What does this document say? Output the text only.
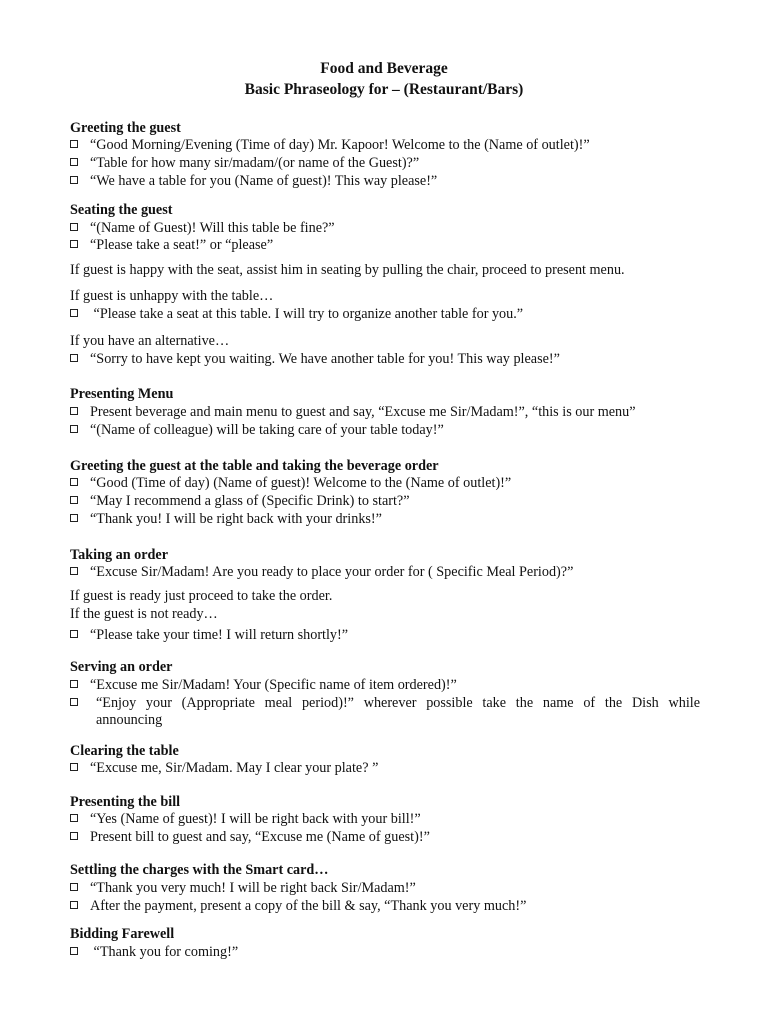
Food and Beverage
Basic Phraseology for – (Restaurant/Bars)
Greeting the guest
“Good Morning/Evening (Time of day) Mr. Kapoor! Welcome to the (Name of outlet)!”
“Table for how many sir/madam/(or name of the Guest)?”
“We have a table for you (Name of guest)! This way please!”
Seating the guest
“(Name of Guest)! Will this table be fine?”
“Please take a seat!” or “please”
If guest is happy with the seat, assist him in seating by pulling the chair, proceed to present menu.
If guest is unhappy with the table…
“Please take a seat at this table. I will try to organize another table for you.”
If you have an alternative…
“Sorry to have kept you waiting. We have another table for you! This way please!”
Presenting Menu
Present beverage and main menu to guest and say, “Excuse me Sir/Madam!”, “this is our menu”
“(Name of colleague) will be taking care of your table today!”
Greeting the guest at the table and taking the beverage order
“Good (Time of day) (Name of guest)! Welcome to the (Name of outlet)!”
“May I recommend a glass of (Specific Drink) to start?”
“Thank you! I will be right back with your drinks!”
Taking an order
“Excuse Sir/Madam! Are you ready to place your order for ( Specific Meal Period)?”
If guest is ready just proceed to take the order.
If the guest is not ready…
“Please take your time! I will return shortly!”
Serving an order
“Excuse me Sir/Madam! Your (Specific name of item ordered)!”
“Enjoy your (Appropriate meal period)!” wherever possible take the name of the Dish while
announcing
Clearing the table
“Excuse me, Sir/Madam. May I clear your plate? ”
Presenting the bill
“Yes (Name of guest)! I will be right back with your bill!”
Present bill to guest and say, “Excuse me (Name of guest)!”
Settling the charges with the Smart card…
“Thank you very much! I will be right back Sir/Madam!”
After the payment, present a copy of the bill & say, “Thank you very much!”
Bidding Farewell
“Thank you for coming!”
